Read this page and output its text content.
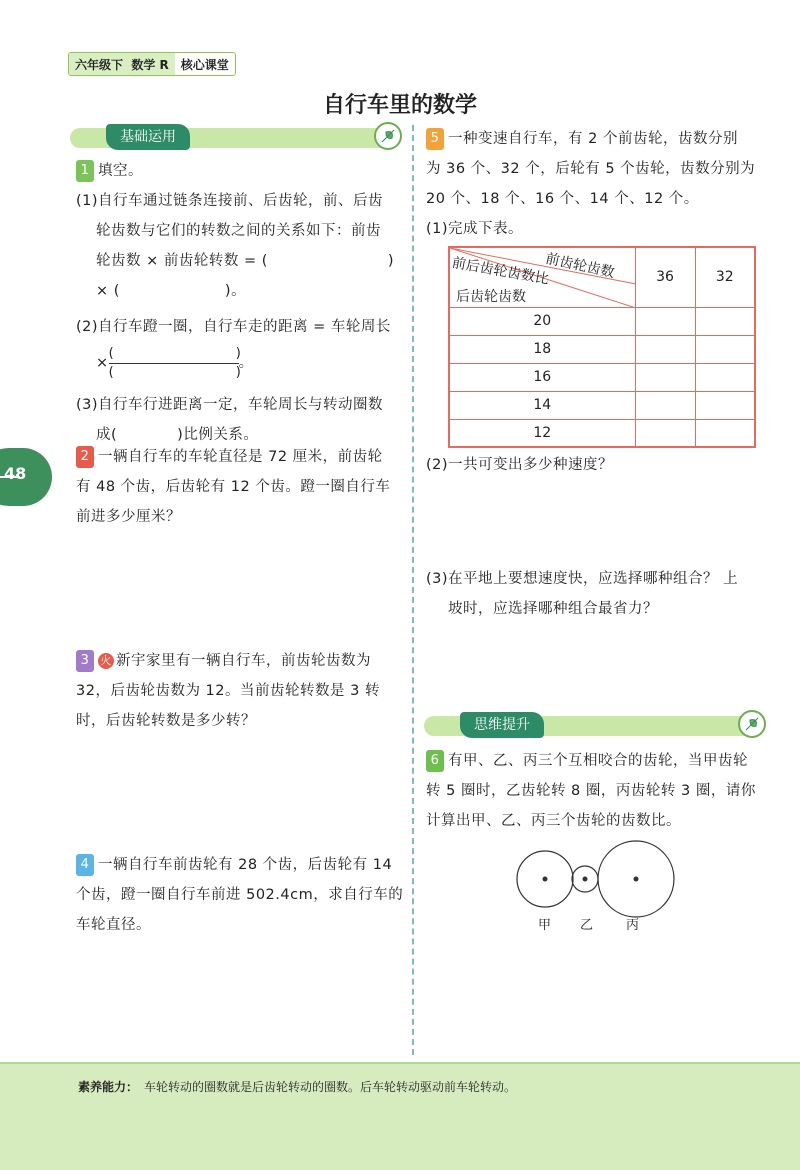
六年级下
数学 R	核心课堂
自行车里的数学
基础运用
48
1 填空。
(1)自行车通过链条连接前、后齿轮，前、后齿
轮齿数与它们的转数之间的关系如下：前齿
轮齿数 × 前齿轮转数 = (　　　　　　　　)
× (　　　　　　　)。
(2)自行车蹬一圈，自行车走的距离 = 车轮周长
× $\frac{( )}{( )}$ 。
(3)自行车行进距离一定，车轮周长与转动圈数
成(　　　　)比例关系。
2 一辆自行车的车轮直径是 72 厘米，前齿轮
有 48 个齿，后齿轮有 12 个齿。蹬一圈自行车
前进多少厘米？
3 火 新宇家里有一辆自行车，前齿轮齿数为
32，后齿轮齿数为 12。当前齿轮转数是 3 转
时，后齿轮转数是多少转？
4 一辆自行车前齿轮有 28 个齿，后齿轮有 14
个齿，蹬一圈自行车前进 502.4cm，求自行车的
车轮直径。
5 一种变速自行车，有 2 个前齿轮，齿数分别
为 36 个、32 个，后轮有 5 个齿轮，齿数分别为
20 个、18 个、16 个、14 个、12 个。
(1)完成下表。
前齿轮齿数
前后齿轮齿数比
后齿轮齿数	36	32
20		
18		
16		
14		
12		
(2)一共可变出多少种速度？
(3)在平地上要想速度快，应选择哪种组合？ 上
坡时，应选择哪种组合最省力？
思维提升
6 有甲、乙、丙三个互相咬合的齿轮，当甲齿轮
转 5 圈时，乙齿轮转 8 圈，丙齿轮转 3 圈，请你
计算出甲、乙、丙三个齿轮的齿数比。
甲 乙	丙
素养能力： 车轮转动的圈数就是后齿轮转动的圈数。后车轮转动驱动前车轮转动。
